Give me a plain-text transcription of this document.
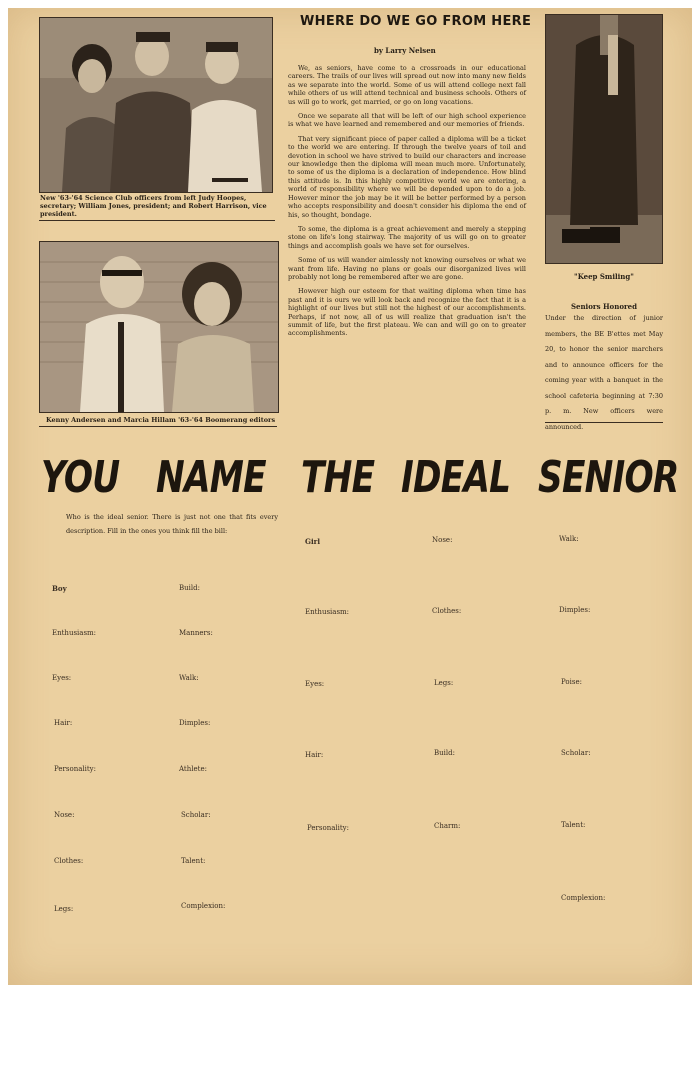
New '63-'64 Science Club officers from left Judy Hoopes, secretary; William Jones, president; and Robert Harrison, vice president.
Kenny Andersen and Marcia Hillam '63-'64 Boomerang editors
WHERE DO WE GO FROM HERE
by Larry Nelsen

We, as seniors, have come to a crossroads in our educational careers. The trails of our lives will spread out now into many new fields as we separate into the world. Some of us will attend college next fall while others of us will attend technical and business schools. Others of us will go to work, get married, or go on long vacations.

Once we separate all that will be left of our high school experience is what we have learned and remembered and our memories of friends.

That very significant piece of paper called a diploma will be a ticket to the world we are entering. If through the twelve years of toil and devotion in school we have strived to build our characters and increase our knowledge then the diploma will mean much more. Unfortunately, to some of us the diploma is a declaration of independence. How blind this attitude is. In this highly competitive world we are entering, a world of responsibility where we will be depended upon to do a job. However minor the job may be it will be better performed by a person who accepts responsibility and doesn't consider his diploma the end of his, so thought, bondage.

To some, the diploma is a great achievement and merely a stepping stone on life's long stairway. The majority of us will go on to greater things and accomplish goals we have set for ourselves.

Some of us will wander aimlessly not knowing ourselves or what we want from life. Having no plans or goals our disorganized lives will probably not long be remembered after we are gone.

However high our esteem for that waiting diploma when time has past and it is ours we will look back and recognize the fact that it is a highlight of our lives but still not the highest of our accomplishments. Perhaps, if not now, all of us will realize that graduation isn't the summit of life, but the first plateau. We can and will go on to greater accomplishments.

"Keep Smiling"
Seniors Honored
Under the direction of junior members, the BE B'ettes met May 20, to honor the senior marchers and to announce officers for the coming year with a banquet in the school cafeteria beginning at 7:30 p. m. New officers were announced.
YOU NAME THE IDEAL SENIOR
Who is the ideal senior. There is just not one that fits every description. Fill in the ones you think fill the bill:
Boy
Enthusiasm:
Eyes:
Hair:
Personality:
Nose:
Clothes:
Legs:
Build:
Manners:
Walk:
Dimples:
Athlete:
Scholar:
Talent:
Complexion:
Girl
Enthusiasm:
Eyes:
Hair:
Personality:
Nose:
Clothes:
Legs:
Build:
Charm:
Walk:
Dimples:
Poise:
Scholar:
Talent:
Complexion:
